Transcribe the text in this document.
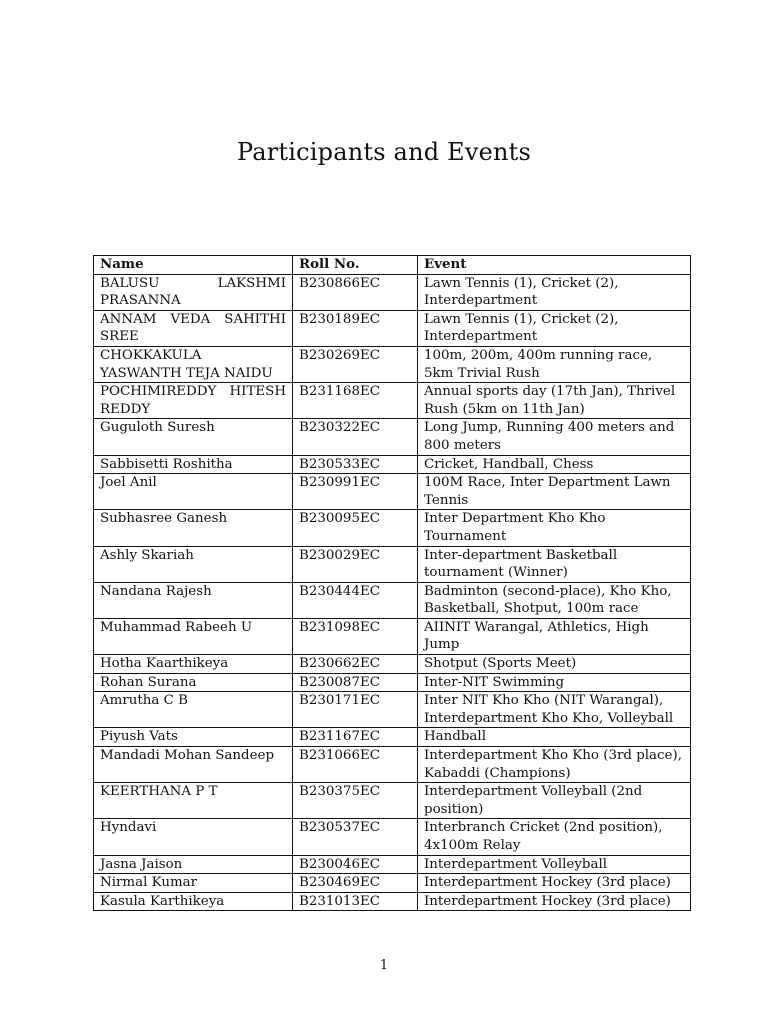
Participants and Events
Name	Roll No.	Event
BALUSU LAKSHMI PRASANNA	B230866EC	Lawn Tennis (1), Cricket (2), Interdepartment
ANNAM VEDA SAHITHI SREE	B230189EC	Lawn Tennis (1), Cricket (2), Interdepartment
CHOKKAKULA YASWANTH TEJA NAIDU	B230269EC	100m, 200m, 400m running race, 5km Trivial Rush
POCHIMIREDDY HITESH REDDY	B231168EC	Annual sports day (17th Jan), Thrivel Rush (5km on 11th Jan)
Guguloth Suresh	B230322EC	Long Jump, Running 400 meters and 800 meters
Sabbisetti Roshitha	B230533EC	Cricket, Handball, Chess
Joel Anil	B230991EC	100M Race, Inter Department Lawn Tennis
Subhasree Ganesh	B230095EC	Inter Department Kho Kho Tournament
Ashly Skariah	B230029EC	Inter-department Basketball tournament (Winner)
Nandana Rajesh	B230444EC	Badminton (second-place), Kho Kho, Basketball, Shotput, 100m race
Muhammad Rabeeh U	B231098EC	AIINIT Warangal, Athletics, High Jump
Hotha Kaarthikeya	B230662EC	Shotput (Sports Meet)
Rohan Surana	B230087EC	Inter-NIT Swimming
Amrutha C B	B230171EC	Inter NIT Kho Kho (NIT Warangal), Interdepartment Kho Kho, Volleyball
Piyush Vats	B231167EC	Handball
Mandadi Mohan Sandeep	B231066EC	Interdepartment Kho Kho (3rd place), Kabaddi (Champions)
KEERTHANA P T	B230375EC	Interdepartment Volleyball (2nd position)
Hyndavi	B230537EC	Interbranch Cricket (2nd position), 4x100m Relay
Jasna Jaison	B230046EC	Interdepartment Volleyball
Nirmal Kumar	B230469EC	Interdepartment Hockey (3rd place)
Kasula Karthikeya	B231013EC	Interdepartment Hockey (3rd place)
1
